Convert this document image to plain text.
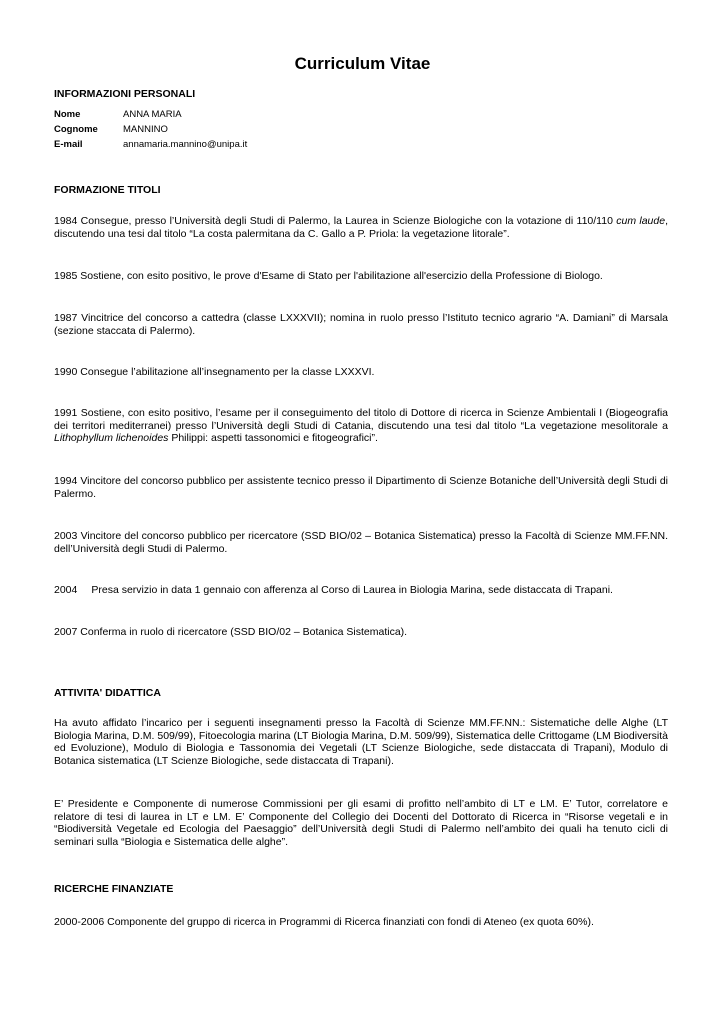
Curriculum Vitae
INFORMAZIONI PERSONALI
Nome	ANNA MARIA
Cognome	MANNINO
E-mail	annamaria.mannino@unipa.it
FORMAZIONE TITOLI
1984 Consegue, presso l’Università degli Studi di Palermo, la Laurea in Scienze Biologiche con la votazione di 110/110 cum laude, discutendo una tesi dal titolo “La costa palermitana da C. Gallo a P. Priola: la vegetazione litorale”.
1985 Sostiene, con esito positivo, le prove d'Esame di Stato per l'abilitazione all'esercizio della Professione di Biologo.
1987 Vincitrice del concorso a cattedra (classe LXXXVII); nomina in ruolo presso l’Istituto tecnico agrario “A. Damiani” di Marsala (sezione staccata di Palermo).
1990 Consegue l’abilitazione all’insegnamento per la classe LXXXVI.
1991 Sostiene, con esito positivo, l’esame per il conseguimento del titolo di Dottore di ricerca in Scienze Ambientali I (Biogeografia dei territori mediterranei) presso l’Università degli Studi di Catania, discutendo una tesi dal titolo “La vegetazione mesolitorale a Lithophyllum lichenoides Philippi: aspetti tassonomici e fitogeografici”.
1994 Vincitore del concorso pubblico per assistente tecnico presso il Dipartimento di Scienze Botaniche dell’Università degli Studi di Palermo.
2003 Vincitore del concorso pubblico per ricercatore (SSD BIO/02 – Botanica Sistematica) presso la Facoltà di Scienze MM.FF.NN. dell’Università degli Studi di Palermo.
2004 Presa servizio in data 1 gennaio con afferenza al Corso di Laurea in Biologia Marina, sede distaccata di Trapani.
2007 Conferma in ruolo di ricercatore (SSD BIO/02 – Botanica Sistematica).
ATTIVITA' DIDATTICA
Ha avuto affidato l’incarico per i seguenti insegnamenti presso la Facoltà di Scienze MM.FF.NN.: Sistematiche delle Alghe (LT Biologia Marina, D.M. 509/99), Fitoecologia marina (LT Biologia Marina, D.M. 509/99), Sistematica delle Crittogame (LM Biodiversità ed Evoluzione), Modulo di Biologia e Tassonomia dei Vegetali (LT Scienze Biologiche, sede distaccata di Trapani), Modulo di Botanica sistematica (LT Scienze Biologiche, sede distaccata di Trapani).
E’ Presidente e Componente di numerose Commissioni per gli esami di profitto nell’ambito di LT e LM. E’ Tutor, correlatore e relatore di tesi di laurea in LT e LM. E’ Componente del Collegio dei Docenti del Dottorato di Ricerca in “Risorse vegetali e in “Biodiversità Vegetale ed Ecologia del Paesaggio” dell’Università degli Studi di Palermo nell’ambito dei quali ha tenuto cicli di seminari sulla “Biologia e Sistematica delle alghe”.
RICERCHE FINANZIATE
2000-2006 Componente del gruppo di ricerca in Programmi di Ricerca finanziati con fondi di Ateneo (ex quota 60%).
